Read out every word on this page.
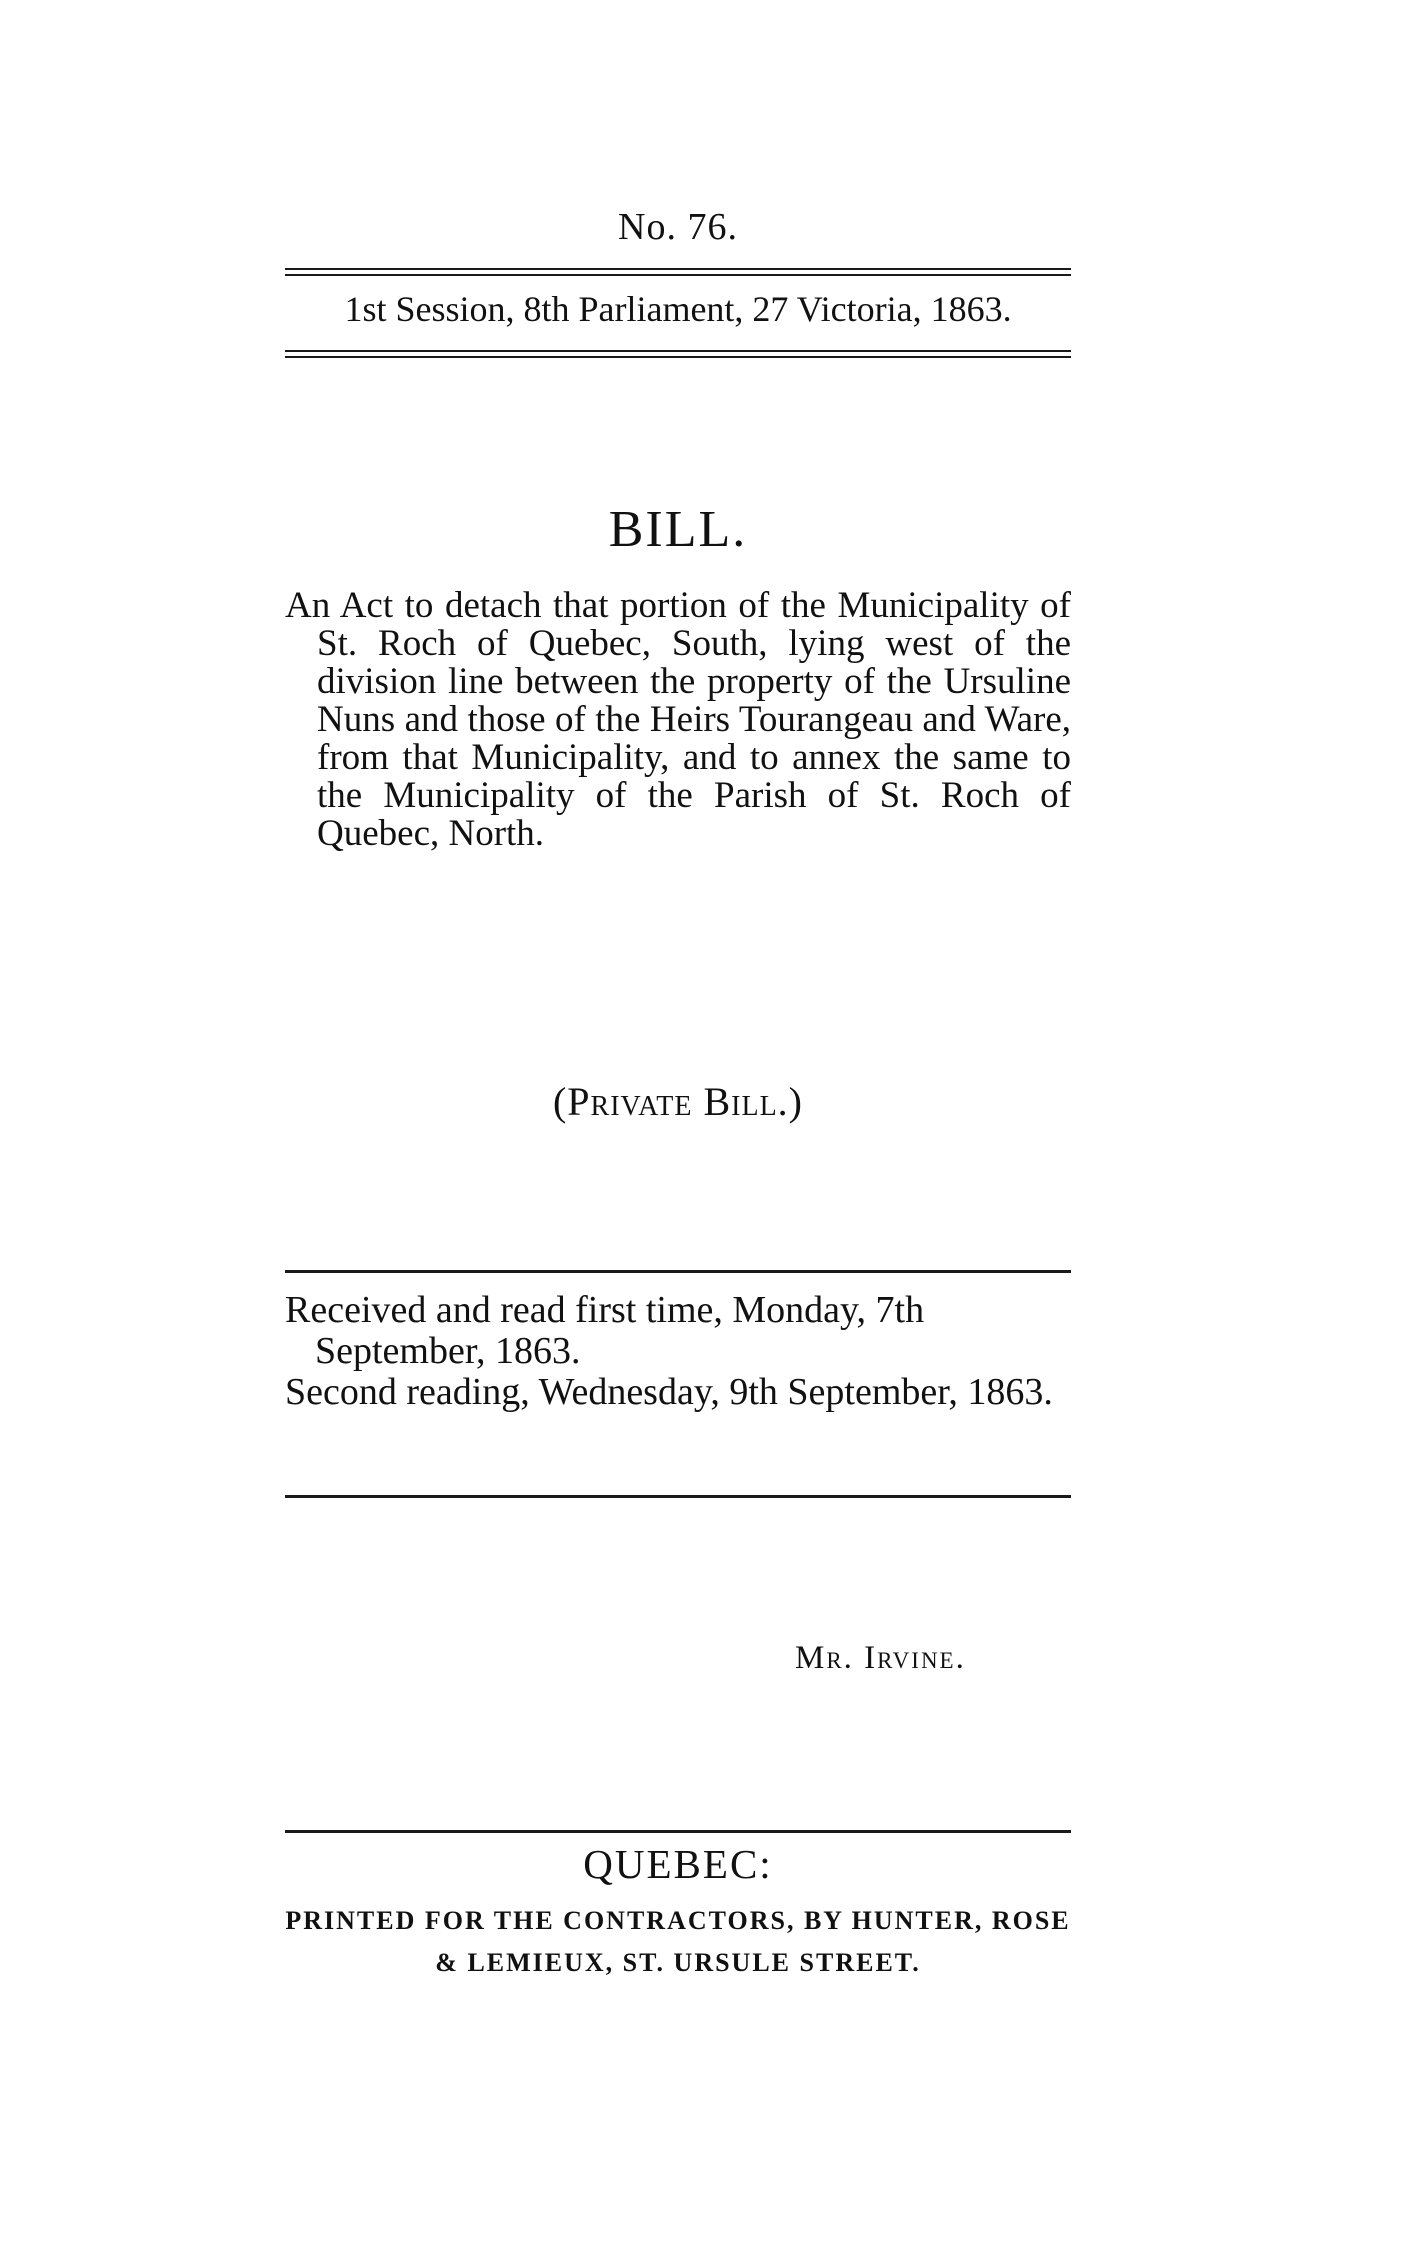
No. 76.
1st Session, 8th Parliament, 27 Victoria, 1863.
BILL.
An Act to detach that portion of the Municipality of St. Roch of Quebec, South, lying west of the division line between the property of the Ursuline Nuns and those of the Heirs Tourangeau and Ware, from that Municipality, and to annex the same to the Municipality of the Parish of St. Roch of Quebec, North.
(Private Bill.)

Received and read first time, Monday, 7th September, 1863.

Second reading, Wednesday, 9th September, 1863.

Mr. Irvine.
QUEBEC:
PRINTED FOR THE CONTRACTORS, BY HUNTER, ROSE & LEMIEUX, ST. URSULE STREET.
